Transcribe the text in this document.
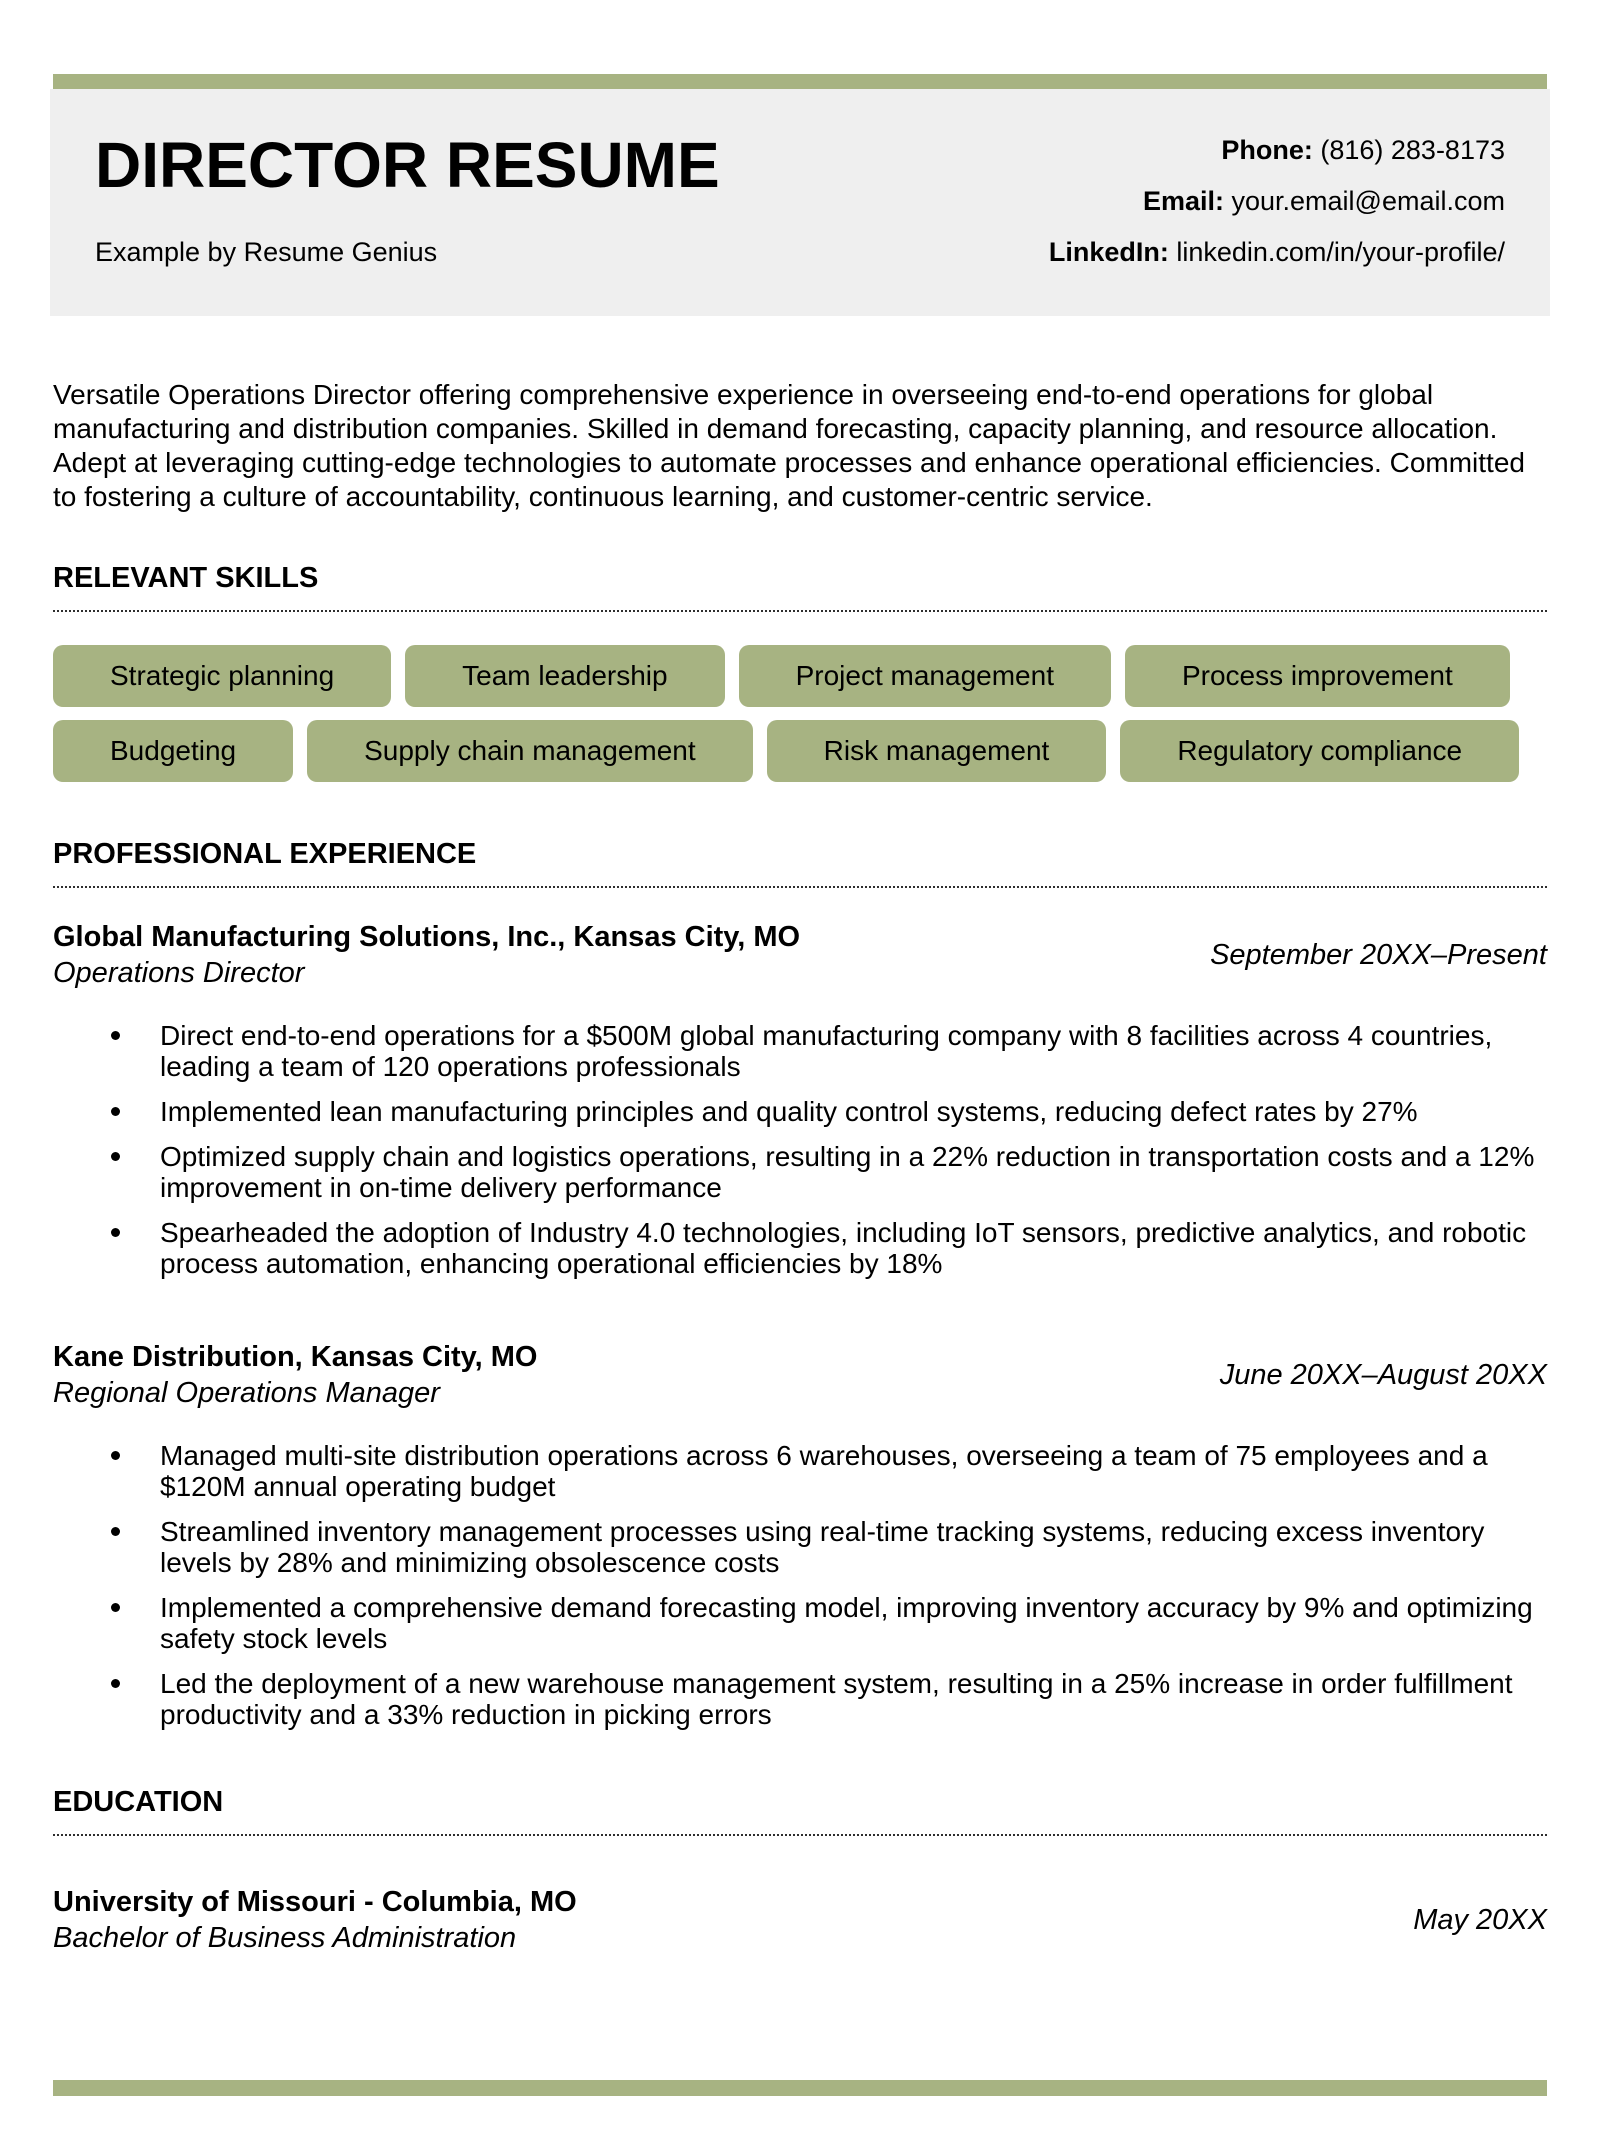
DIRECTOR RESUME
Example by Resume Genius
Phone: (816) 283-8173
Email: your.email@email.com
LinkedIn: linkedin.com/in/your-profile/

Versatile Operations Director offering comprehensive experience in overseeing end-to-end operations for global manufacturing and distribution companies. Skilled in demand forecasting, capacity planning, and resource allocation. Adept at leveraging cutting-edge technologies to automate processes and enhance operational efficiencies. Committed to fostering a culture of accountability, continuous learning, and customer-centric service.

RELEVANT SKILLS
Strategic planning	Team leadership	Project management	Process improvement
Budgeting	Supply chain management	Risk management	Regulatory compliance
PROFESSIONAL EXPERIENCE
Global Manufacturing Solutions, Inc., Kansas City, MO
Operations Director
September 20XX–Present
Direct end-to-end operations for a $500M global manufacturing company with 8 facilities across 4 countries, leading a team of 120 operations professionals
Implemented lean manufacturing principles and quality control systems, reducing defect rates by 27%
Optimized supply chain and logistics operations, resulting in a 22% reduction in transportation costs and a 12% improvement in on-time delivery performance
Spearheaded the adoption of Industry 4.0 technologies, including IoT sensors, predictive analytics, and robotic process automation, enhancing operational efficiencies by 18%
Kane Distribution, Kansas City, MO
Regional Operations Manager
June 20XX–August 20XX
Managed multi-site distribution operations across 6 warehouses, overseeing a team of 75 employees and a $120M annual operating budget
Streamlined inventory management processes using real-time tracking systems, reducing excess inventory levels by 28% and minimizing obsolescence costs
Implemented a comprehensive demand forecasting model, improving inventory accuracy by 9% and optimizing safety stock levels
Led the deployment of a new warehouse management system, resulting in a 25% increase in order fulfillment productivity and a 33% reduction in picking errors
EDUCATION
University of Missouri - Columbia, MO
Bachelor of Business Administration
May 20XX
